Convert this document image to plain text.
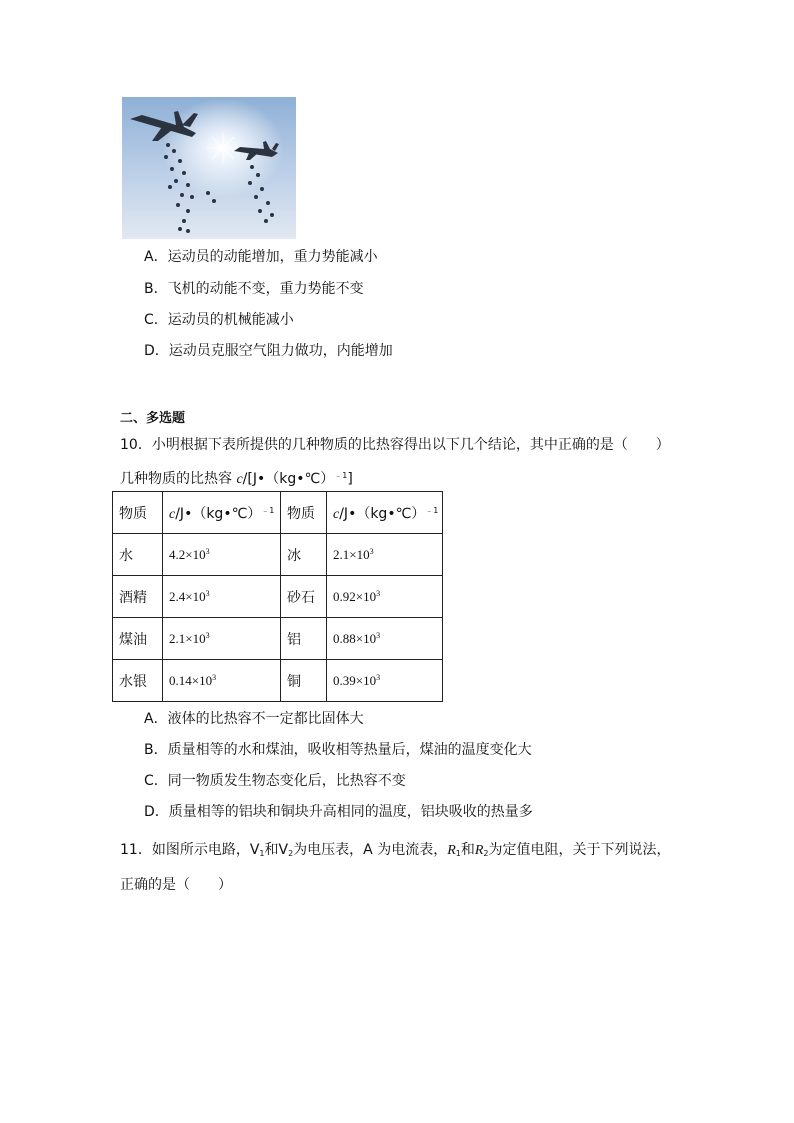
A．运动员的动能增加，重力势能减小
B．飞机的动能不变，重力势能不变
C．运动员的机械能减小
D．运动员克服空气阻力做功，内能增加
二、多选题
10．小明根据下表所提供的几种物质的比热容得出以下几个结论，其中正确的是（　　）
几种物质的比热容 c/[J•（kg•℃）$^{﹣1}$]
物质	c/J•（kg•℃）$^{﹣1}$	物质	c/J•（kg•℃）$^{﹣1}$
水	$4.2\times 10^3$	冰	$2.1\times 10^3$
酒精	$2.4\times 10^3$	砂石	$0.92\times 10^3$
煤油	$2.1\times 10^3$	铝	$0.88\times 10^3$
水银	$0.14\times 10^3$	铜	$0.39\times 10^3$
A．液体的比热容不一定都比固体大
B．质量相等的水和煤油，吸收相等热量后，煤油的温度变化大
C．同一物质发生物态变化后，比热容不变
D．质量相等的铝块和铜块升高相同的温度，铝块吸收的热量多
11．如图所示电路，$V_1$和$V_2$为电压表，A 为电流表，$R_1$和$R_2$为定值电阻，关于下列说法，
正确的是（　　）
